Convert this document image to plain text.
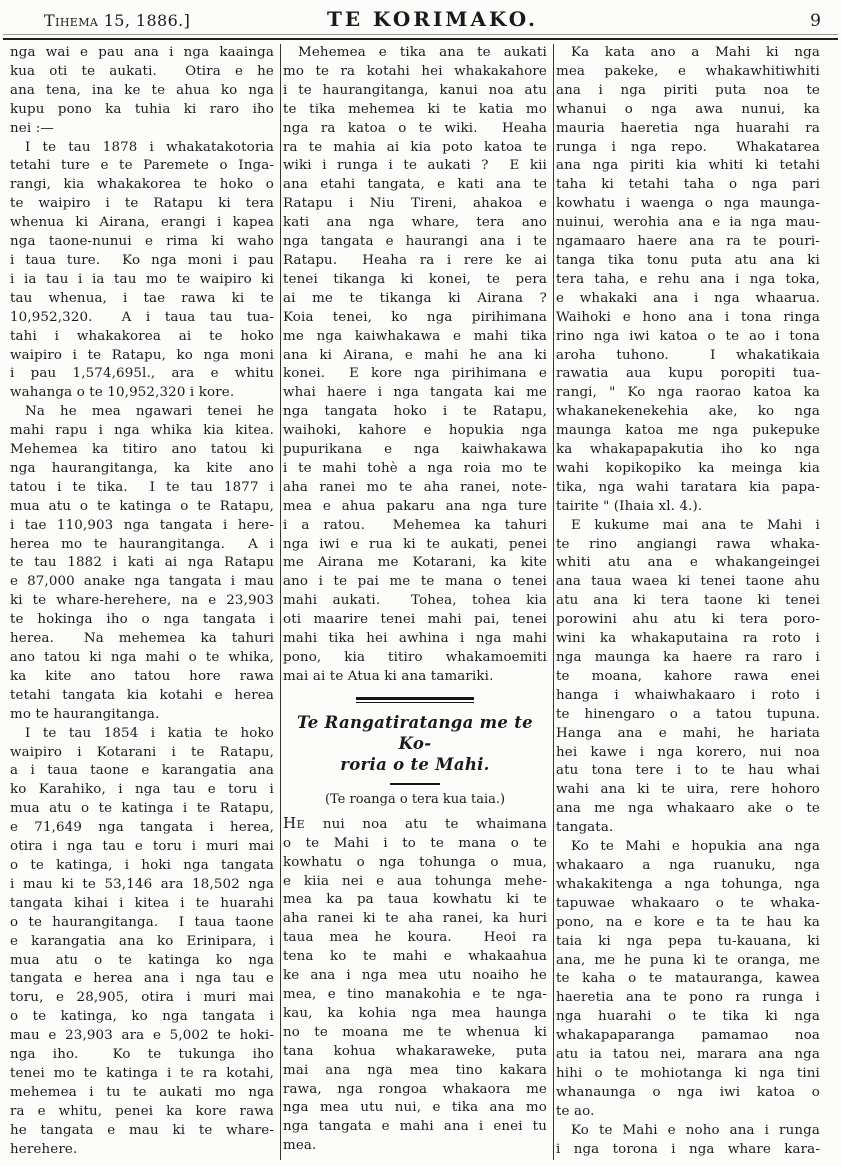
Tihema 15, 1886.]	TE KORIMAKO.	9
nga wai e pau ana i nga kaainga
kua oti te aukati.  Otira e he
ana tena, ina ke te ahua ko nga
kupu pono ka tuhia ki raro iho
nei :—
I te tau 1878 i whakatakotoria
tetahi ture e te Paremete o Inga-
rangi, kia whakakorea te hoko o
te waipiro i te Ratapu ki tera
whenua ki Airana, erangi i kapea
nga taone-nunui e rima ki waho
i taua ture.  Ko nga moni i pau
i ia tau i ia tau mo te waipiro ki
tau whenua, i tae rawa ki te
10,952,320.  A i taua tau tua-
tahi i whakakorea ai te hoko
waipiro i te Ratapu, ko nga moni
i pau 1,574,695l., ara e whitu
wahanga o te 10,952,320 i kore.
Na he mea ngawari tenei he
mahi rapu i nga whika kia kitea.
Mehemea ka titiro ano tatou ki
nga haurangitanga, ka kite ano
tatou i te tika.  I te tau 1877 i
mua atu o te katinga o te Ratapu,
i tae 110,903 nga tangata i here-
herea mo te haurangitanga.  A i
te tau 1882 i kati ai nga Ratapu
e 87,000 anake nga tangata i mau
ki te whare-herehere, na e 23,903
te hokinga iho o nga tangata i
herea.  Na mehemea ka tahuri
ano tatou ki nga mahi o te whika,
ka kite ano tatou hore rawa
tetahi tangata kia kotahi e herea
mo te haurangitanga.
I te tau 1854 i katia te hoko
waipiro i Kotarani i te Ratapu,
a i taua taone e karangatia ana
ko Karahiko, i nga tau e toru i
mua atu o te katinga i te Ratapu,
e 71,649 nga tangata i herea,
otira i nga tau e toru i muri mai
o te katinga, i hoki nga tangata
i mau ki te 53,146 ara 18,502 nga
tangata kihai i kitea i te huarahi
o te haurangitanga.  I taua taone
e karangatia ana ko Erinipara, i
mua atu o te katinga ko nga
tangata e herea ana i nga tau e
toru, e 28,905, otira i muri mai
o te katinga, ko nga tangata i
mau e 23,903 ara e 5,002 te hoki-
nga iho.  Ko te tukunga iho
tenei mo te katinga i te ra kotahi,
mehemea i tu te aukati mo nga
ra e whitu, penei ka kore rawa
he tangata e mau ki te whare-
herehere.
Mehemea e tika ana te aukati
mo te ra kotahi hei whakakahore
i te haurangitanga, kanui noa atu
te tika mehemea ki te katia mo
nga ra katoa o te wiki.  Heaha
ra te mahia ai kia poto katoa te
wiki i runga i te aukati ?  E kii
ana etahi tangata, e kati ana te
Ratapu i Niu Tireni, ahakoa e
kati ana nga whare, tera ano
nga tangata e haurangi ana i te
Ratapu.  Heaha ra i rere ke ai
tenei tikanga ki konei, te pera
ai me te tikanga ki Airana ?
Koia tenei, ko nga pirihimana
me nga kaiwhakawa e mahi tika
ana ki Airana, e mahi he ana ki
konei.  E kore nga pirihimana e
whai haere i nga tangata kai me
nga tangata hoko i te Ratapu,
waihoki, kahore e hopukia nga
pupurikana e nga kaiwhakawa
i te mahi tohè a nga roia mo te
aha ranei mo te aha ranei, note-
mea e ahua pakaru ana nga ture
i a ratou.  Mehemea ka tahuri
nga iwi e rua ki te aukati, penei
me Airana me Kotarani, ka kite
ano i te pai me te mana o tenei
mahi aukati.  Tohea, tohea kia
oti maarire tenei mahi pai, tenei
mahi tika hei awhina i nga mahi
pono, kia titiro whakamoemiti
mai ai te Atua ki ana tamariki.
Te Rangatiratanga me te Ko-
roria o te Mahi.
(Te roanga o tera kua taia.)
He nui noa atu te whaimana
o te Mahi i to te mana o te
kowhatu o nga tohunga o mua,
e kiia nei e aua tohunga mehe-
mea ka pa taua kowhatu ki te
aha ranei ki te aha ranei, ka huri
taua mea he koura.  Heoi ra
tena ko te mahi e whakaahua
ke ana i nga mea utu noaiho he
mea, e tino manakohia e te nga-
kau, ka kohia nga mea haunga
no te moana me te whenua ki
tana kohua whakaraweke, puta
mai ana nga mea tino kakara
rawa, nga rongoa whakaora me
nga mea utu nui, e tika ana mo
nga tangata e mahi ana i enei tu
mea.
Ka kata ano a Mahi ki nga
mea pakeke, e whakawhitiwhiti
ana i nga piriti puta noa te
whanui o nga awa nunui, ka
mauria haeretia nga huarahi ra
runga i nga repo.  Whakatarea
ana nga piriti kia whiti ki tetahi
taha ki tetahi taha o nga pari
kowhatu i waenga o nga maunga-
nuinui, werohia ana e ia nga mau-
ngamaaro haere ana ra te pouri-
tanga tika tonu puta atu ana ki
tera taha, e rehu ana i nga toka,
e whakaki ana i nga whaarua.
Waihoki e hono ana i tona ringa
rino nga iwi katoa o te ao i tona
aroha tuhono.  I whakatikaia
rawatia aua kupu poropiti tua-
rangi, " Ko nga raorao katoa ka
whakanekenekehia ake, ko nga
maunga katoa me nga pukepuke
ka whakapapakutia iho ko nga
wahi kopikopiko ka meinga kia
tika, nga wahi taratara kia papa-
tairite " (Ihaia xl. 4.).
E kukume mai ana te Mahi i
te rino angiangi rawa whaka-
whiti atu ana e whakangeingei
ana taua waea ki tenei taone ahu
atu ana ki tera taone ki tenei
porowini ahu atu ki tera poro-
wini ka whakaputaina ra roto i
nga maunga ka haere ra raro i
te moana, kahore rawa enei
hanga i whaiwhakaaro i roto i
te hinengaro o a tatou tupuna.
Hanga ana e mahi, he hariata
hei kawe i nga korero, nui noa
atu tona tere i to te hau whai
wahi ana ki te uira, rere hohoro
ana me nga whakaaro ake o te
tangata.
Ko te Mahi e hopukia ana nga
whakaaro a nga ruanuku, nga
whakakitenga a nga tohunga, nga
tapuwae whakaaro o te whaka-
pono, na e kore e ta te hau ka
taia ki nga pepa tu-kauana, ki
ana, me he puna ki te oranga, me
te kaha o te matauranga, kawea
haeretia ana te pono ra runga i
nga huarahi o te tika ki nga
whakapaparanga pamamao noa
atu ia tatou nei, marara ana nga
hihi o te mohiotanga ki nga tini
whanaunga o nga iwi katoa o
te ao.
Ko te Mahi e noho ana i runga
i nga torona i nga whare kara-
